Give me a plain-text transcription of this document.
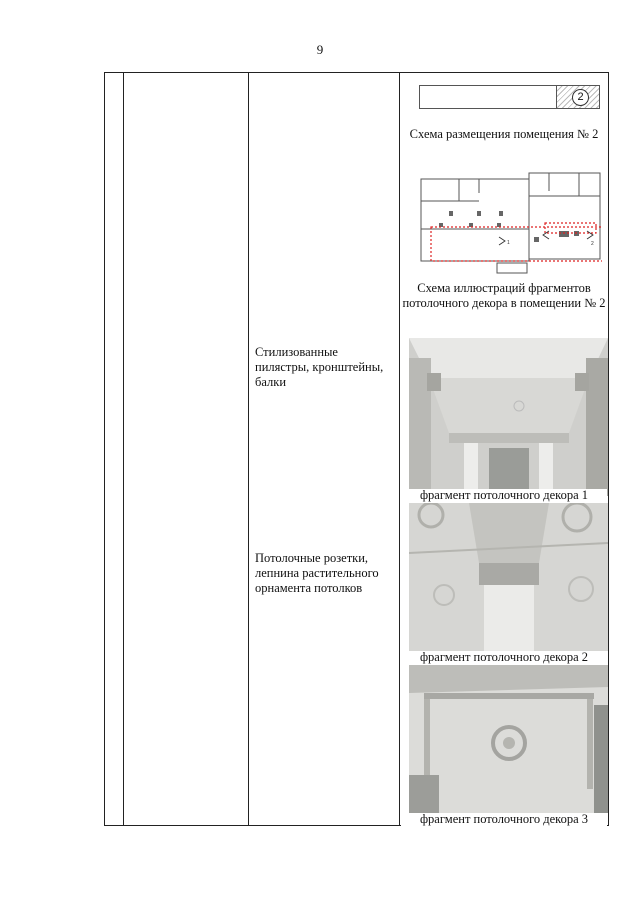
9
2
Схема размещения помещения № 2
1	2
Схема иллюстраций фрагментов потолочного декора в помещении № 2
Стилизованные пилястры, кронштейны, балки
Потолочные розетки, лепнина растительного орнамента потолков
фрагмент потолочного декора 1
фрагмент потолочного декора 2
фрагмент потолочного декора 3
